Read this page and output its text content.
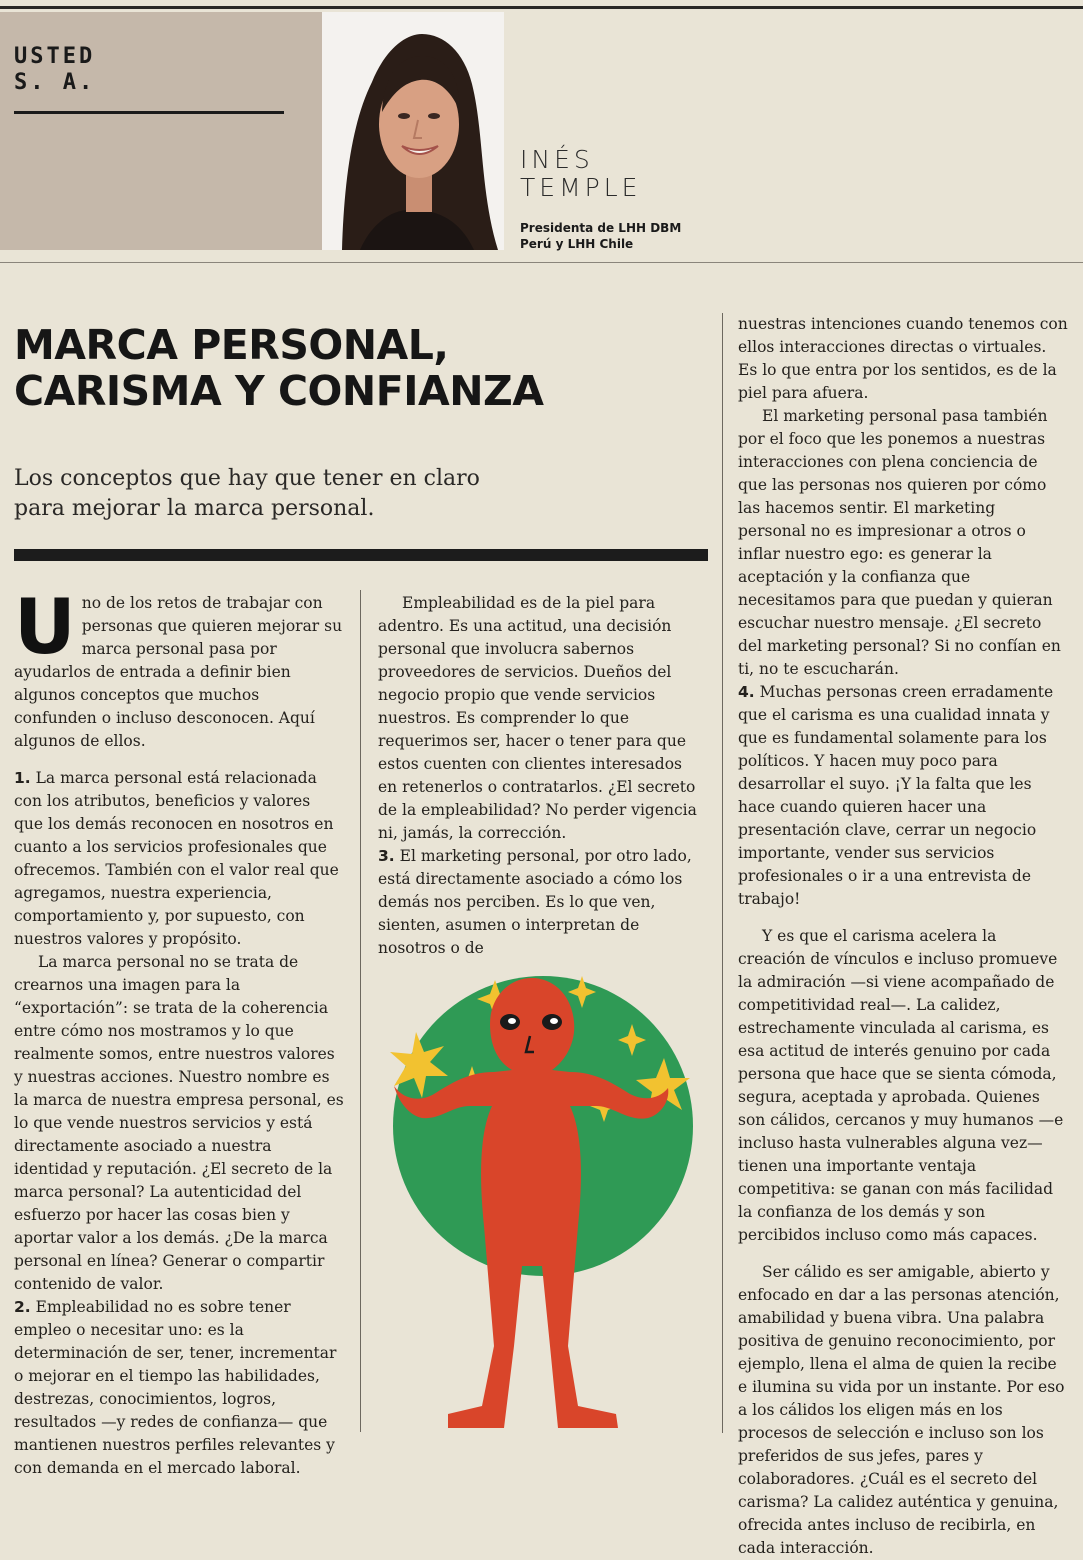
USTED
S. A.
INÉS
TEMPLE
Presidenta de LHH DBM
Perú y LHH Chile
MARCA PERSONAL,
CARISMA Y CONFIANZA

Los conceptos que hay que tener en claro para mejorar la marca personal.

Uno de los retos de trabajar con personas que quieren mejorar su marca personal pasa por ayudarlos de entrada a definir bien algunos conceptos que muchos confunden o incluso desconocen. Aquí algunos de ellos.

1. La marca personal está relacionada con los atributos, beneficios y valores que los demás reconocen en nosotros en cuanto a los servicios profesionales que ofrecemos. También con el valor real que agregamos, nuestra experiencia, comportamiento y, por supuesto, con nuestros valores y propósito.

La marca personal no se trata de crearnos una imagen para la “exportación”: se trata de la coherencia entre cómo nos mostramos y lo que realmente somos, entre nuestros valores y nuestras acciones. Nuestro nombre es la marca de nuestra empresa personal, es lo que vende nuestros servicios y está directamente asociado a nuestra identidad y reputación. ¿El secreto de la marca personal? La autenticidad del esfuerzo por hacer las cosas bien y aportar valor a los demás. ¿De la marca personal en línea? Generar o compartir contenido de valor.

2. Empleabilidad no es sobre tener empleo o necesitar uno: es la determinación de ser, tener, incrementar o mejorar en el tiempo las habilidades, destrezas, conocimientos, logros, resultados —y redes de confianza— que mantienen nuestros perfiles relevantes y con demanda en el mercado laboral.

Empleabilidad es de la piel para adentro. Es una actitud, una decisión personal que involucra sabernos proveedores de servicios. Dueños del negocio propio que vende servicios nuestros. Es comprender lo que requerimos ser, hacer o tener para que estos cuenten con clientes interesados en retenerlos o contratarlos. ¿El secreto de la empleabilidad? No perder vigencia ni, jamás, la corrección.

3. El marketing personal, por otro lado, está directamente asociado a cómo los demás nos perciben. Es lo que ven, sienten, asumen o interpretan de nosotros o de

nuestras intenciones cuando tenemos con ellos interacciones directas o virtuales. Es lo que entra por los sentidos, es de la piel para afuera.

El marketing personal pasa también por el foco que les ponemos a nuestras interacciones con plena conciencia de que las personas nos quieren por cómo las hacemos sentir. El marketing personal no es impresionar a otros o inflar nuestro ego: es generar la aceptación y la confianza que necesitamos para que puedan y quieran escuchar nuestro mensaje. ¿El secreto del marketing personal? Si no confían en ti, no te escucharán.

4. Muchas personas creen erradamente que el carisma es una cualidad innata y que es fundamental solamente para los políticos. Y hacen muy poco para desarrollar el suyo. ¡Y la falta que les hace cuando quieren hacer una presentación clave, cerrar un negocio importante, vender sus servicios profesionales o ir a una entrevista de trabajo!

Y es que el carisma acelera la creación de vínculos e incluso promueve la admiración —si viene acompañado de competitividad real—. La calidez, estrechamente vinculada al carisma, es esa actitud de interés genuino por cada persona que hace que se sienta cómoda, segura, aceptada y aprobada. Quienes son cálidos, cercanos y muy humanos —e incluso hasta vulnerables alguna vez— tienen una importante ventaja competitiva: se ganan con más facilidad la confianza de los demás y son percibidos incluso como más capaces.

Ser cálido es ser amigable, abierto y enfocado en dar a las personas atención, amabilidad y buena vibra. Una palabra positiva de genuino reconocimiento, por ejemplo, llena el alma de quien la recibe e ilumina su vida por un instante. Por eso a los cálidos los eligen más en los procesos de selección e incluso son los preferidos de sus jefes, pares y colaboradores. ¿Cuál es el secreto del carisma? La calidez auténtica y genuina, ofrecida antes incluso de recibirla, en cada interacción.
